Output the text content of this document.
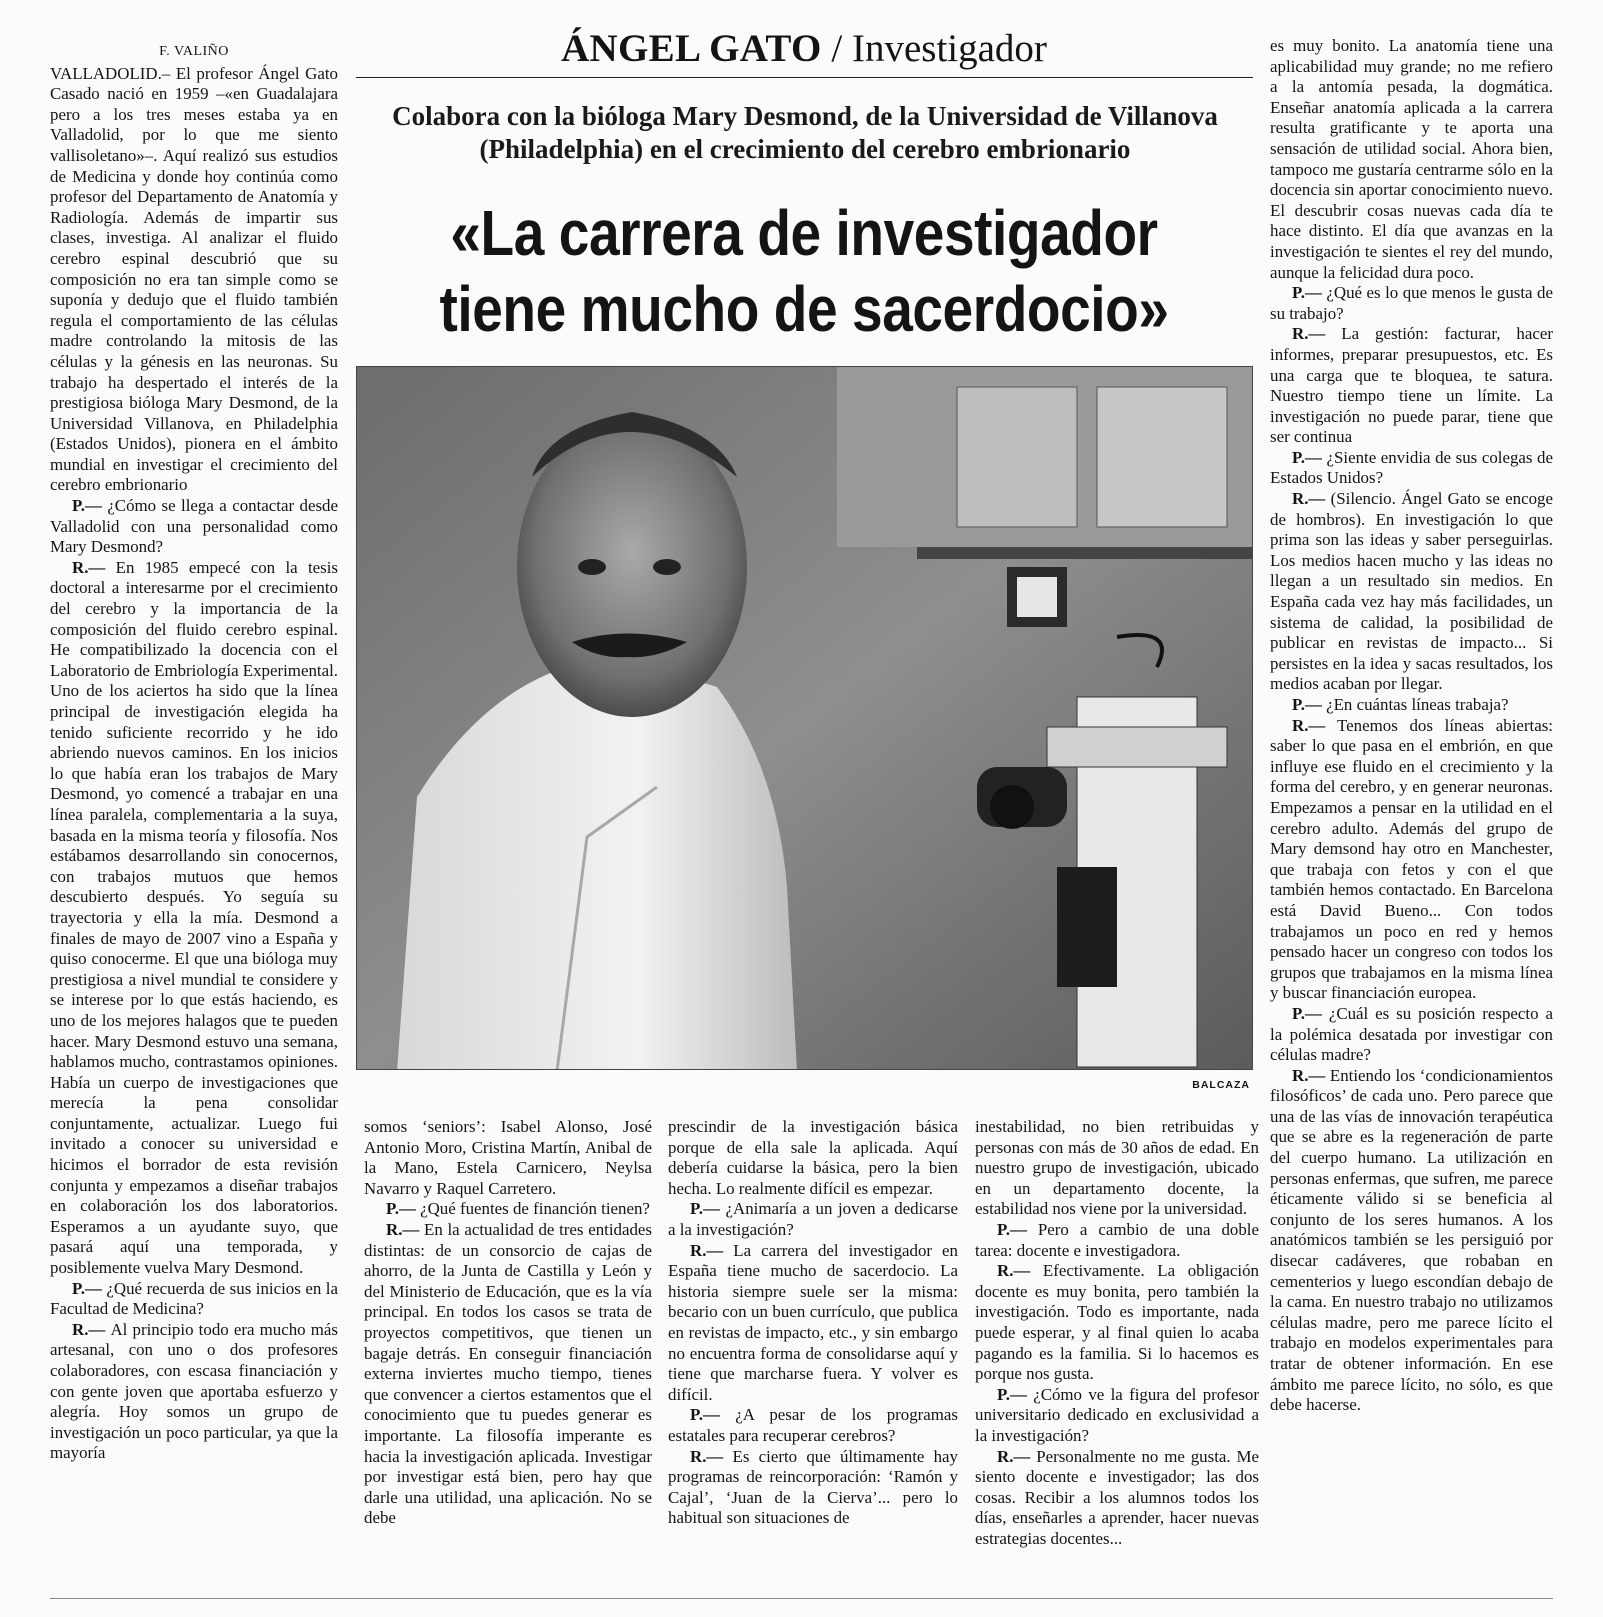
ÁNGEL GATO / Investigador
Colabora con la bióloga Mary Desmond, de la Universidad de Villanova (Philadelphia) en el crecimiento del cerebro embrionario
«La carrera de investigador
tiene mucho de sacerdocio»
BALCAZA
F. VALIÑO

VALLADOLID.– El profesor Ángel Gato Casado nació en 1959 –«en Guadalajara pero a los tres meses estaba ya en Valladolid, por lo que me siento vallisoletano»–. Aquí realizó sus estudios de Medicina y donde hoy continúa como profesor del Departamento de Anatomía y Radiología. Además de impartir sus clases, investiga. Al analizar el fluido cerebro espinal descubrió que su composición no era tan simple como se suponía y dedujo que el fluido también regula el comportamiento de las células madre controlando la mitosis de las células y la génesis en las neuronas. Su trabajo ha despertado el interés de la prestigiosa bióloga Mary Desmond, de la Universidad Villanova, en Philadelphia (Estados Unidos), pionera en el ámbito mundial en investigar el crecimiento del cerebro embrionario

P.— ¿Cómo se llega a contactar desde Valladolid con una personalidad como Mary Desmond?

R.— En 1985 empecé con la tesis doctoral a interesarme por el crecimiento del cerebro y la importancia de la composición del fluido cerebro espinal. He compatibilizado la docencia con el Laboratorio de Embriología Experimental. Uno de los aciertos ha sido que la línea principal de investigación elegida ha tenido suficiente recorrido y he ido abriendo nuevos caminos. En los inicios lo que había eran los trabajos de Mary Desmond, yo comencé a trabajar en una línea paralela, complementaria a la suya, basada en la misma teoría y filosofía. Nos estábamos desarrollando sin conocernos, con trabajos mutuos que hemos descubierto después. Yo seguía su trayectoria y ella la mía. Desmond a finales de mayo de 2007 vino a España y quiso conocerme. El que una bióloga muy prestigiosa a nivel mundial te considere y se interese por lo que estás haciendo, es uno de los mejores halagos que te pueden hacer. Mary Desmond estuvo una semana, hablamos mucho, contrastamos opiniones. Había un cuerpo de investigaciones que merecía la pena consolidar conjuntamente, actualizar. Luego fui invitado a conocer su universidad e hicimos el borrador de esta revisión conjunta y empezamos a diseñar trabajos en colaboración los dos laboratorios. Esperamos a un ayudante suyo, que pasará aquí una temporada, y posiblemente vuelva Mary Desmond.

P.— ¿Qué recuerda de sus inicios en la Facultad de Medicina?

R.— Al principio todo era mucho más artesanal, con uno o dos profesores colaboradores, con escasa financiación y con gente joven que aportaba esfuerzo y alegría. Hoy somos un grupo de investigación un poco particular, ya que la mayoría

somos ‘seniors’: Isabel Alonso, José Antonio Moro, Cristina Martín, Anibal de la Mano, Estela Carnicero, Neylsa Navarro y Raquel Carretero.

P.— ¿Qué fuentes de financión tienen?

R.— En la actualidad de tres entidades distintas: de un consorcio de cajas de ahorro, de la Junta de Castilla y León y del Ministerio de Educación, que es la vía principal. En todos los casos se trata de proyectos competitivos, que tienen un bagaje detrás. En conseguir financiación externa inviertes mucho tiempo, tienes que convencer a ciertos estamentos que el conocimiento que tu puedes generar es importante. La filosofía imperante es hacia la investigación aplicada. Investigar por investigar está bien, pero hay que darle una utilidad, una aplicación. No se debe

prescindir de la investigación básica porque de ella sale la aplicada. Aquí debería cuidarse la básica, pero la bien hecha. Lo realmente difícil es empezar.

P.— ¿Animaría a un joven a dedicarse a la investigación?

R.— La carrera del investigador en España tiene mucho de sacerdocio. La historia siempre suele ser la misma: becario con un buen currículo, que publica en revistas de impacto, etc., y sin embargo no encuentra forma de consolidarse aquí y tiene que marcharse fuera. Y volver es difícil.

P.— ¿A pesar de los programas estatales para recuperar cerebros?

R.— Es cierto que últimamente hay programas de reincorporación: ‘Ramón y Cajal’, ‘Juan de la Cierva’... pero lo habitual son situaciones de

inestabilidad, no bien retribuidas y personas con más de 30 años de edad. En nuestro grupo de investigación, ubicado en un departamento docente, la estabilidad nos viene por la universidad.

P.— Pero a cambio de una doble tarea: docente e investigadora.

R.— Efectivamente. La obligación docente es muy bonita, pero también la investigación. Todo es importante, nada puede esperar, y al final quien lo acaba pagando es la familia. Si lo hacemos es porque nos gusta.

P.— ¿Cómo ve la figura del profesor universitario dedicado en exclusividad a la investigación?

R.— Personalmente no me gusta. Me siento docente e investigador; las dos cosas. Recibir a los alumnos todos los días, enseñarles a aprender, hacer nuevas estrategias docentes...

es muy bonito. La anatomía tiene una aplicabilidad muy grande; no me refiero a la antomía pesada, la dogmática. Enseñar anatomía aplicada a la carrera resulta gratificante y te aporta una sensación de utilidad social. Ahora bien, tampoco me gustaría centrarme sólo en la docencia sin aportar conocimiento nuevo. El descubrir cosas nuevas cada día te hace distinto. El día que avanzas en la investigación te sientes el rey del mundo, aunque la felicidad dura poco.

P.— ¿Qué es lo que menos le gusta de su trabajo?

R.— La gestión: facturar, hacer informes, preparar presupuestos, etc. Es una carga que te bloquea, te satura. Nuestro tiempo tiene un límite. La investigación no puede parar, tiene que ser continua

P.— ¿Siente envidia de sus colegas de Estados Unidos?

R.— (Silencio. Ángel Gato se encoge de hombros). En investigación lo que prima son las ideas y saber perseguirlas. Los medios hacen mucho y las ideas no llegan a un resultado sin medios. En España cada vez hay más facilidades, un sistema de calidad, la posibilidad de publicar en revistas de impacto... Si persistes en la idea y sacas resultados, los medios acaban por llegar.

P.— ¿En cuántas líneas trabaja?

R.— Tenemos dos líneas abiertas: saber lo que pasa en el embrión, en que influye ese fluido en el crecimiento y la forma del cerebro, y en generar neuronas. Empezamos a pensar en la utilidad en el cerebro adulto. Además del grupo de Mary demsond hay otro en Manchester, que trabaja con fetos y con el que también hemos contactado. En Barcelona está David Bueno... Con todos trabajamos un poco en red y hemos pensado hacer un congreso con todos los grupos que trabajamos en la misma línea y buscar financiación europea.

P.— ¿Cuál es su posición respecto a la polémica desatada por investigar con células madre?

R.— Entiendo los ‘condicionamientos filosóficos’ de cada uno. Pero parece que una de las vías de innovación terapéutica que se abre es la regeneración de parte del cuerpo humano. La utilización en personas enfermas, que sufren, me parece éticamente válido si se beneficia al conjunto de los seres humanos. A los anatómicos también se les persiguió por disecar cadáveres, que robaban en cementerios y luego escondían debajo de la cama. En nuestro trabajo no utilizamos células madre, pero me parece lícito el trabajo en modelos experimentales para tratar de obtener información. En ese ámbito me parece lícito, no sólo, es que debe hacerse.
